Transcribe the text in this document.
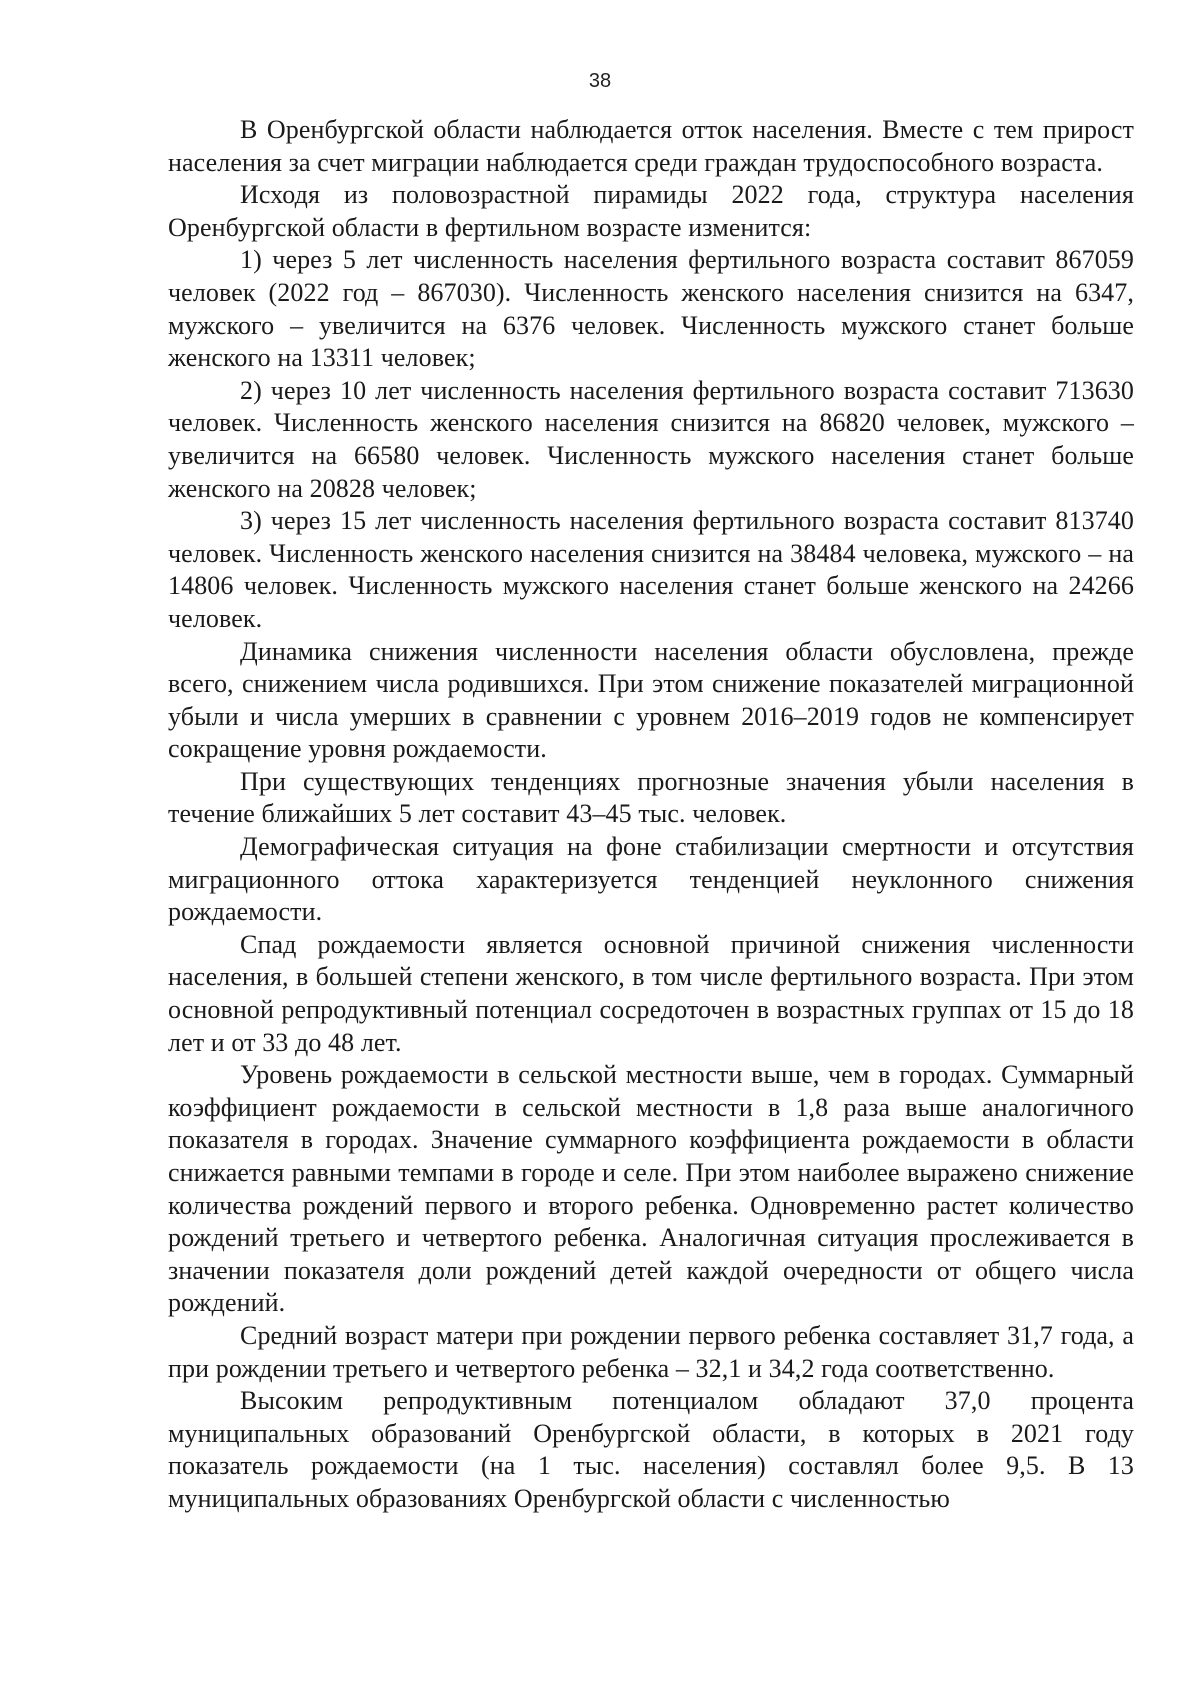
38

В Оренбургской области наблюдается отток населения. Вместе с тем прирост населения за счет миграции наблюдается среди граждан трудоспособного возраста.

Исходя из половозрастной пирамиды 2022 года, структура населения Оренбургской области в фертильном возрасте изменится:

1) через 5 лет численность населения фертильного возраста составит 867059 человек (2022 год – 867030). Численность женского населения снизится на 6347, мужского – увеличится на 6376 человек. Численность мужского станет больше женского на 13311 человек;

2) через 10 лет численность населения фертильного возраста составит 713630 человек. Численность женского населения снизится на 86820 человек, мужского – увеличится на 66580 человек. Численность мужского населения станет больше женского на 20828 человек;

3) через 15 лет численность населения фертильного возраста составит 813740 человек. Численность женского населения снизится на 38484 человека, мужского – на 14806 человек. Численность мужского населения станет больше женского на 24266 человек.

Динамика снижения численности населения области обусловлена, прежде всего, снижением числа родившихся. При этом снижение показателей миграционной убыли и числа умерших в сравнении с уровнем 2016–2019 годов не компенсирует сокращение уровня рождаемости.

При существующих тенденциях прогнозные значения убыли населения в течение ближайших 5 лет составит 43–45 тыс. человек.

Демографическая ситуация на фоне стабилизации смертности и отсутствия миграционного оттока характеризуется тенденцией неуклонного снижения рождаемости.

Спад рождаемости является основной причиной снижения численности населения, в большей степени женского, в том числе фертильного возраста. При этом основной репродуктивный потенциал сосредоточен в возрастных группах от 15 до 18 лет и от 33 до 48 лет.

Уровень рождаемости в сельской местности выше, чем в городах. Суммарный коэффициент рождаемости в сельской местности в 1,8 раза выше аналогичного показателя в городах. Значение суммарного коэффициента рождаемости в области снижается равными темпами в городе и селе. При этом наиболее выражено снижение количества рождений первого и второго ребенка. Одновременно растет количество рождений третьего и четвертого ребенка. Аналогичная ситуация прослеживается в значении показателя доли рождений детей каждой очередности от общего числа рождений.

Средний возраст матери при рождении первого ребенка составляет 31,7 года, а при рождении третьего и четвертого ребенка – 32,1 и 34,2 года соответственно.

Высоким репродуктивным потенциалом обладают 37,0 процента муниципальных образований Оренбургской области, в которых в 2021 году показатель рождаемости (на 1 тыс. населения) составлял более 9,5. В 13 муниципальных образованиях Оренбургской области с численностью
